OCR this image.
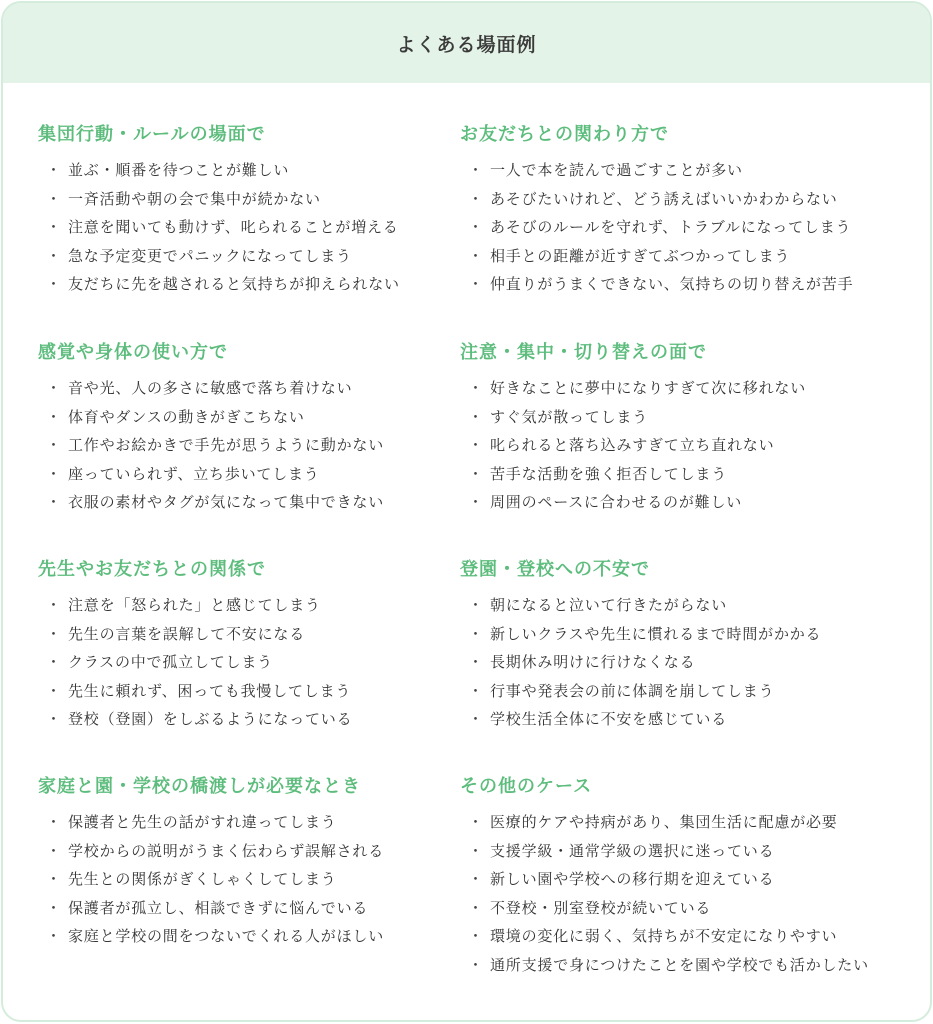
よくある場面例
集団行動・ルールの場面で
・ 並ぶ・順番を待つことが難しい
・ 一斉活動や朝の会で集中が続かない
・ 注意を聞いても動けず、叱られることが増える
・ 急な予定変更でパニックになってしまう
・ 友だちに先を越されると気持ちが抑えられない
お友だちとの関わり方で
・ 一人で本を読んで過ごすことが多い
・ あそびたいけれど、どう誘えばいいかわからない
・ あそびのルールを守れず、トラブルになってしまう
・ 相手との距離が近すぎてぶつかってしまう
・ 仲直りがうまくできない、気持ちの切り替えが苦手
感覚や身体の使い方で
・ 音や光、人の多さに敏感で落ち着けない
・ 体育やダンスの動きがぎこちない
・ 工作やお絵かきで手先が思うように動かない
・ 座っていられず、立ち歩いてしまう
・ 衣服の素材やタグが気になって集中できない
注意・集中・切り替えの面で
・ 好きなことに夢中になりすぎて次に移れない
・ すぐ気が散ってしまう
・ 叱られると落ち込みすぎて立ち直れない
・ 苦手な活動を強く拒否してしまう
・ 周囲のペースに合わせるのが難しい
先生やお友だちとの関係で
・ 注意を「怒られた」と感じてしまう
・ 先生の言葉を誤解して不安になる
・ クラスの中で孤立してしまう
・ 先生に頼れず、困っても我慢してしまう
・ 登校（登園）をしぶるようになっている
登園・登校への不安で
・ 朝になると泣いて行きたがらない
・ 新しいクラスや先生に慣れるまで時間がかかる
・ 長期休み明けに行けなくなる
・ 行事や発表会の前に体調を崩してしまう
・ 学校生活全体に不安を感じている
家庭と園・学校の橋渡しが必要なとき
・ 保護者と先生の話がすれ違ってしまう
・ 学校からの説明がうまく伝わらず誤解される
・ 先生との関係がぎくしゃくしてしまう
・ 保護者が孤立し、相談できずに悩んでいる
・ 家庭と学校の間をつないでくれる人がほしい
その他のケース
・ 医療的ケアや持病があり、集団生活に配慮が必要
・ 支援学級・通常学級の選択に迷っている
・ 新しい園や学校への移行期を迎えている
・ 不登校・別室登校が続いている
・ 環境の変化に弱く、気持ちが不安定になりやすい
・ 通所支援で身につけたことを園や学校でも活かしたい
